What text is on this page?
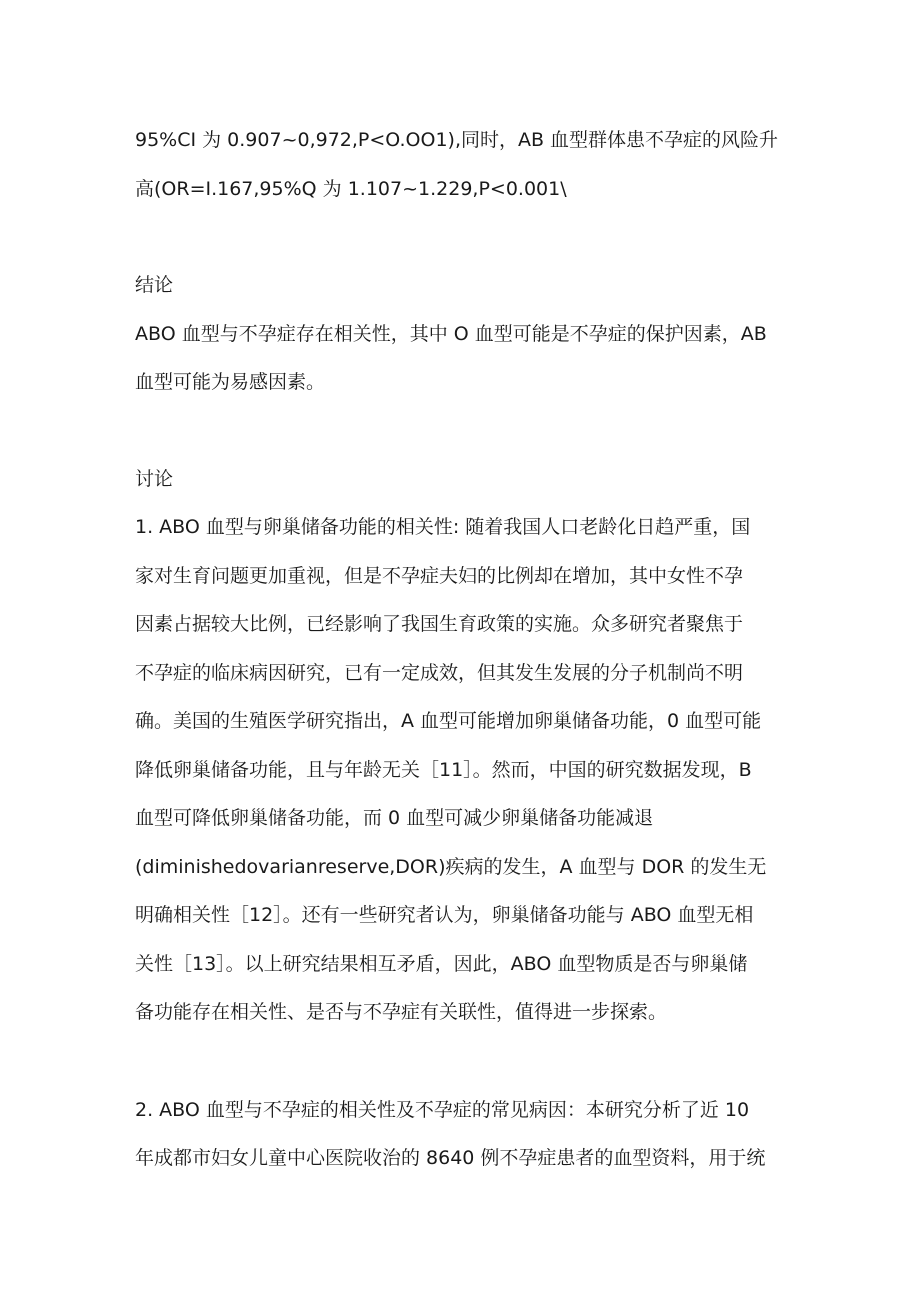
95%CI 为 0.907~0,972,P<O.OO1),同时，AB 血型群体患不孕症的风险升
高(OR=I.167,95%Q 为 1.107~1.229,P<0.001\
结论
ABO 血型与不孕症存在相关性，其中 O 血型可能是不孕症的保护因素，AB
血型可能为易感因素。
讨论
1. ABO 血型与卵巢储备功能的相关性: 随着我国人口老龄化日趋严重，国
家对生育问题更加重视，但是不孕症夫妇的比例却在增加，其中女性不孕
因素占据较大比例，已经影响了我国生育政策的实施。众多研究者聚焦于
不孕症的临床病因研究，已有一定成效，但其发生发展的分子机制尚不明
确。美国的生殖医学研究指出，A 血型可能增加卵巢储备功能，0 血型可能
降低卵巢储备功能，且与年龄无关［11］。然而，中国的研究数据发现，B
血型可降低卵巢储备功能，而 0 血型可减少卵巢储备功能减退
(diminishedovarianreserve,DOR)疾病的发生，A 血型与 DOR 的发生无
明确相关性［12］。还有一些研究者认为，卵巢储备功能与 ABO 血型无相
关性［13］。以上研究结果相互矛盾，因此，ABO 血型物质是否与卵巢储
备功能存在相关性、是否与不孕症有关联性，值得进一步探索。
2. ABO 血型与不孕症的相关性及不孕症的常见病因：本研究分析了近 10
年成都市妇女儿童中心医院收治的 8640 例不孕症患者的血型资料，用于统
